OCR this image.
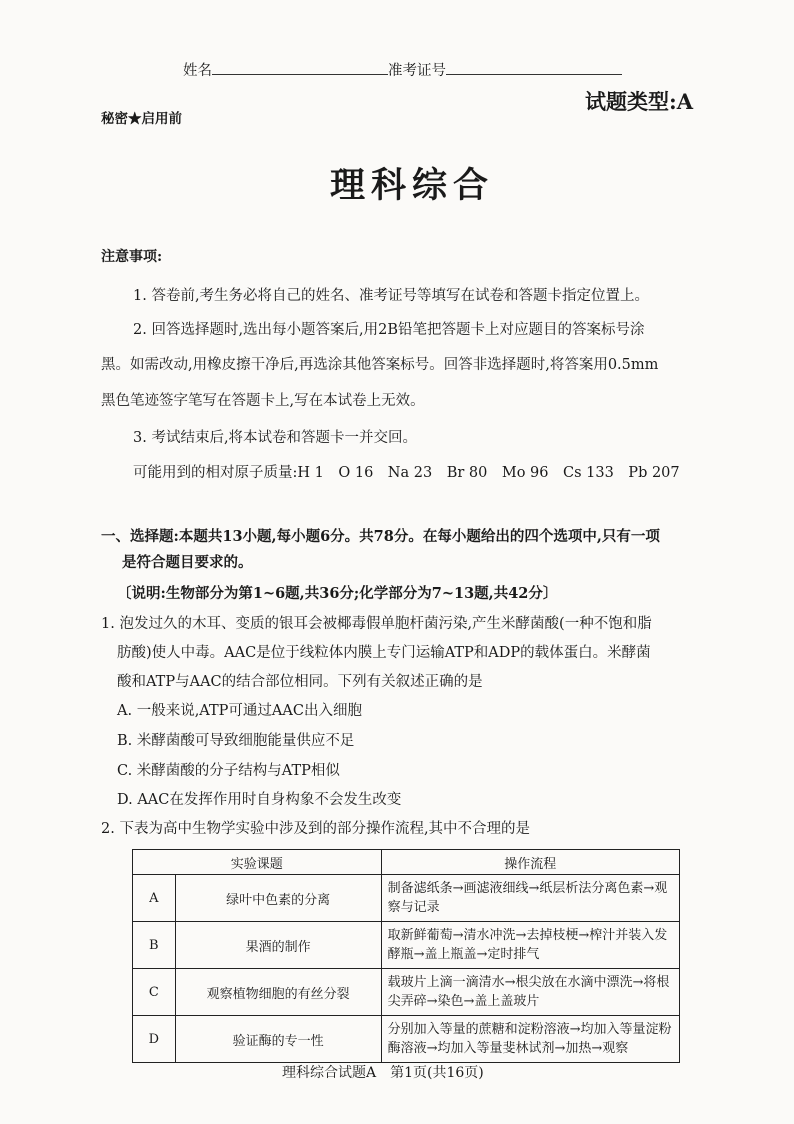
姓名	准考证号
试题类型:A
秘密★启用前
理科综合
注意事项:
1. 答卷前,考生务必将自己的姓名、准考证号等填写在试卷和答题卡指定位置上。
2. 回答选择题时,选出每小题答案后,用2B铅笔把答题卡上对应题目的答案标号涂
黑。如需改动,用橡皮擦干净后,再选涂其他答案标号。回答非选择题时,将答案用0.5mm
黑色笔迹签字笔写在答题卡上,写在本试卷上无效。
3. 考试结束后,将本试卷和答题卡一并交回。
可能用到的相对原子质量:H 1　O 16　Na 23　Br 80　Mo 96　Cs 133　Pb 207
一、选择题:本题共13小题,每小题6分。共78分。在每小题给出的四个选项中,只有一项
是符合题目要求的。
〔说明:生物部分为第1~6题,共36分;化学部分为7~13题,共42分〕
1. 泡发过久的木耳、变质的银耳会被椰毒假单胞杆菌污染,产生米酵菌酸(一种不饱和脂
肪酸)使人中毒。AAC是位于线粒体内膜上专门运输ATP和ADP的载体蛋白。米酵菌
酸和ATP与AAC的结合部位相同。下列有关叙述正确的是
A. 一般来说,ATP可通过AAC出入细胞
B. 米酵菌酸可导致细胞能量供应不足
C. 米酵菌酸的分子结构与ATP相似
D. AAC在发挥作用时自身构象不会发生改变
2. 下表为高中生物学实验中涉及到的部分操作流程,其中不合理的是
实验课题		操作流程
A	绿叶中色素的分离	制备滤纸条→画滤液细线→纸层析法分离色素→观察与记录
B	果酒的制作	取新鲜葡萄→清水冲洗→去掉枝梗→榨汁并装入发酵瓶→盖上瓶盖→定时排气
C	观察植物细胞的有丝分裂	载玻片上滴一滴清水→根尖放在水滴中漂洗→将根尖弄碎→染色→盖上盖玻片
D	验证酶的专一性	分别加入等量的蔗糖和淀粉溶液→均加入等量淀粉酶溶液→均加入等量斐林试剂→加热→观察
理科综合试题A　第1页(共16页)
